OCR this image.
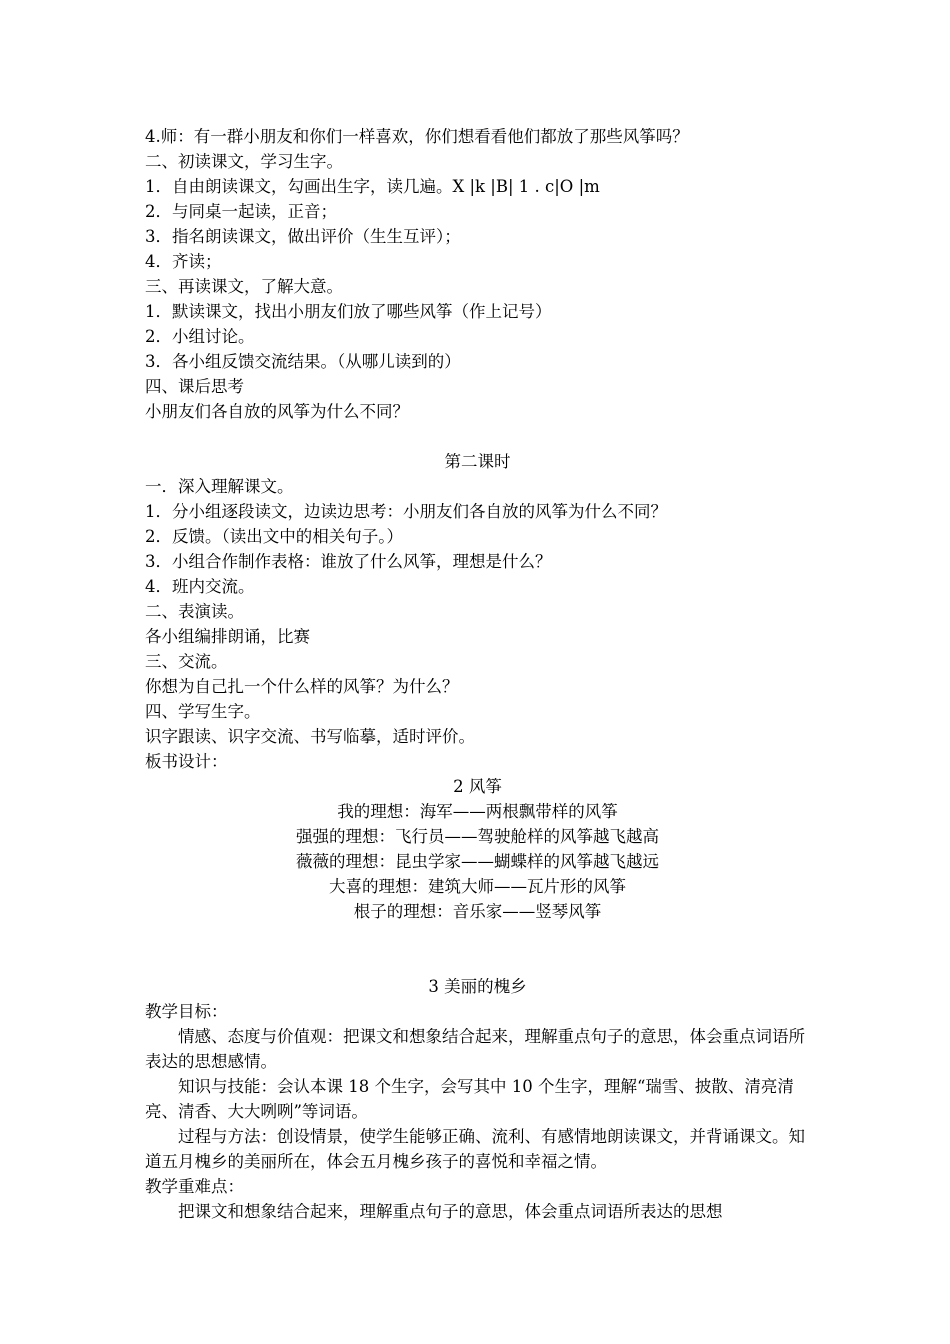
4.师：有一群小朋友和你们一样喜欢，你们想看看他们都放了那些风筝吗？
二、初读课文，学习生字。
1．自由朗读课文，勾画出生字，读几遍。X |k |B| 1 . c|O |m
2．与同桌一起读，正音；
3．指名朗读课文，做出评价（生生互评）；
4．齐读；
三、再读课文，了解大意。
1．默读课文，找出小朋友们放了哪些风筝（作上记号）
2．小组讨论。
3．各小组反馈交流结果。（从哪儿读到的）
四、课后思考
小朋友们各自放的风筝为什么不同？
第二课时
一．深入理解课文。
1．分小组逐段读文，边读边思考：小朋友们各自放的风筝为什么不同？
2．反馈。（读出文中的相关句子。）
3．小组合作制作表格：谁放了什么风筝，理想是什么？
4．班内交流。
二、表演读。
各小组编排朗诵，比赛
三、交流。
你想为自己扎一个什么样的风筝？为什么？
四、学写生字。
识字跟读、识字交流、书写临摹，适时评价。
板书设计：
2 风筝
我的理想：海军——两根飘带样的风筝
强强的理想：飞行员——驾驶舱样的风筝越飞越高
薇薇的理想：昆虫学家——蝴蝶样的风筝越飞越远
大喜的理想：建筑大师——瓦片形的风筝
根子的理想：音乐家——竖琴风筝
3 美丽的槐乡
教学目标：
情感、态度与价值观：把课文和想象结合起来，理解重点句子的意思，体会重点词语所表达的思想感情。
知识与技能：会认本课 18 个生字，会写其中 10 个生字，理解“瑞雪、披散、清亮清亮、清香、大大咧咧”等词语。
过程与方法：创设情景，使学生能够正确、流利、有感情地朗读课文，并背诵课文。知道五月槐乡的美丽所在，体会五月槐乡孩子的喜悦和幸福之情。
教学重难点：
把课文和想象结合起来，理解重点句子的意思，体会重点词语所表达的思想
